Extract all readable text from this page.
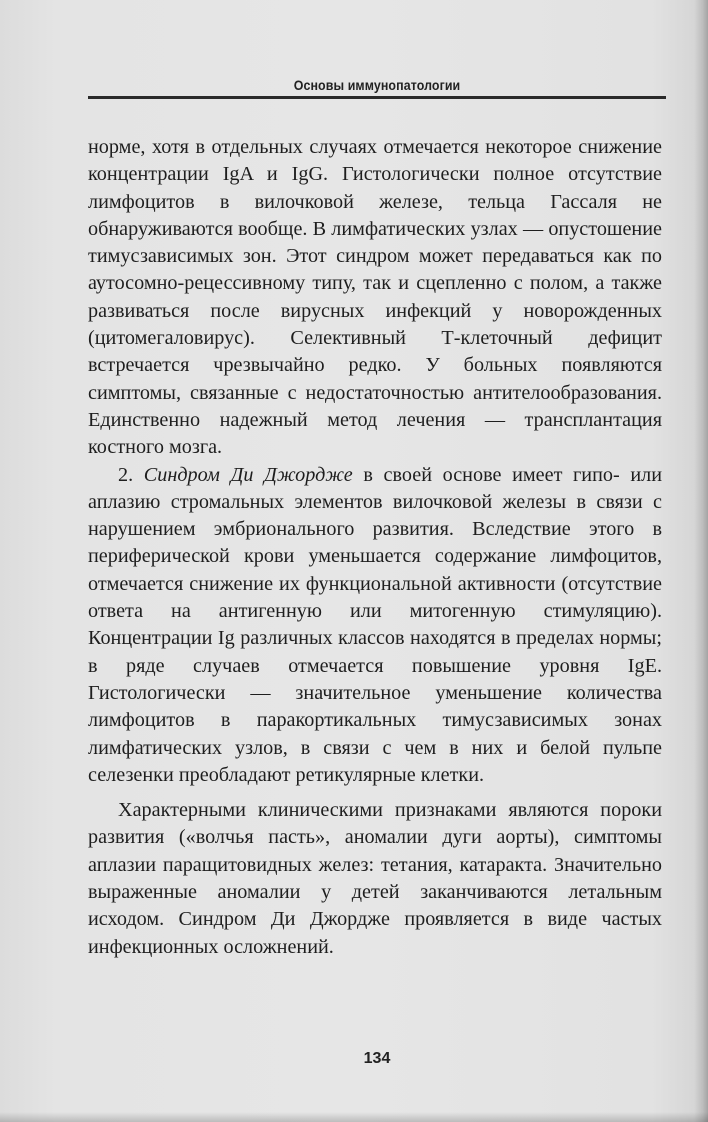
Основы иммунопатологии

норме, хотя в отдельных случаях отмечается некоторое снижение концентрации IgA и IgG. Гистологически полное отсутствие лимфоцитов в вилочковой железе, тельца Гассаля не обнаруживаются вообще. В лимфатических узлах — опустошение тимусзависимых зон. Этот синдром может передаваться как по аутосомно-рецессивному типу, так и сцепленно с полом, а также развиваться после вирусных инфекций у новорожденных (цитомегаловирус). Селективный Т-клеточный дефицит встречается чрезвычайно редко. У больных появляются симптомы, связанные с недостаточностью антителообразования. Единственно надежный метод лечения — трансплантация костного мозга.

2. Синдром Ди Джордже в своей основе имеет гипо- или аплазию стромальных элементов вилочковой железы в связи с нарушением эмбрионального развития. Вследствие этого в периферической крови уменьшается содержание лимфоцитов, отмечается снижение их функциональной активности (отсутствие ответа на антигенную или митогенную стимуляцию). Концентрации Ig различных классов находятся в пределах нормы; в ряде случаев отмечается повышение уровня IgE. Гистологически — значительное уменьшение количества лимфоцитов в паракортикальных тимусзависимых зонах лимфатических узлов, в связи с чем в них и белой пульпе селезенки преобладают ретикулярные клетки.

Характерными клиническими признаками являются пороки развития («волчья пасть», аномалии дуги аорты), симптомы аплазии паращитовидных желез: тетания, катаракта. Значительно выраженные аномалии у детей заканчиваются летальным исходом. Синдром Ди Джордже проявляется в виде частых инфекционных осложнений.

134
